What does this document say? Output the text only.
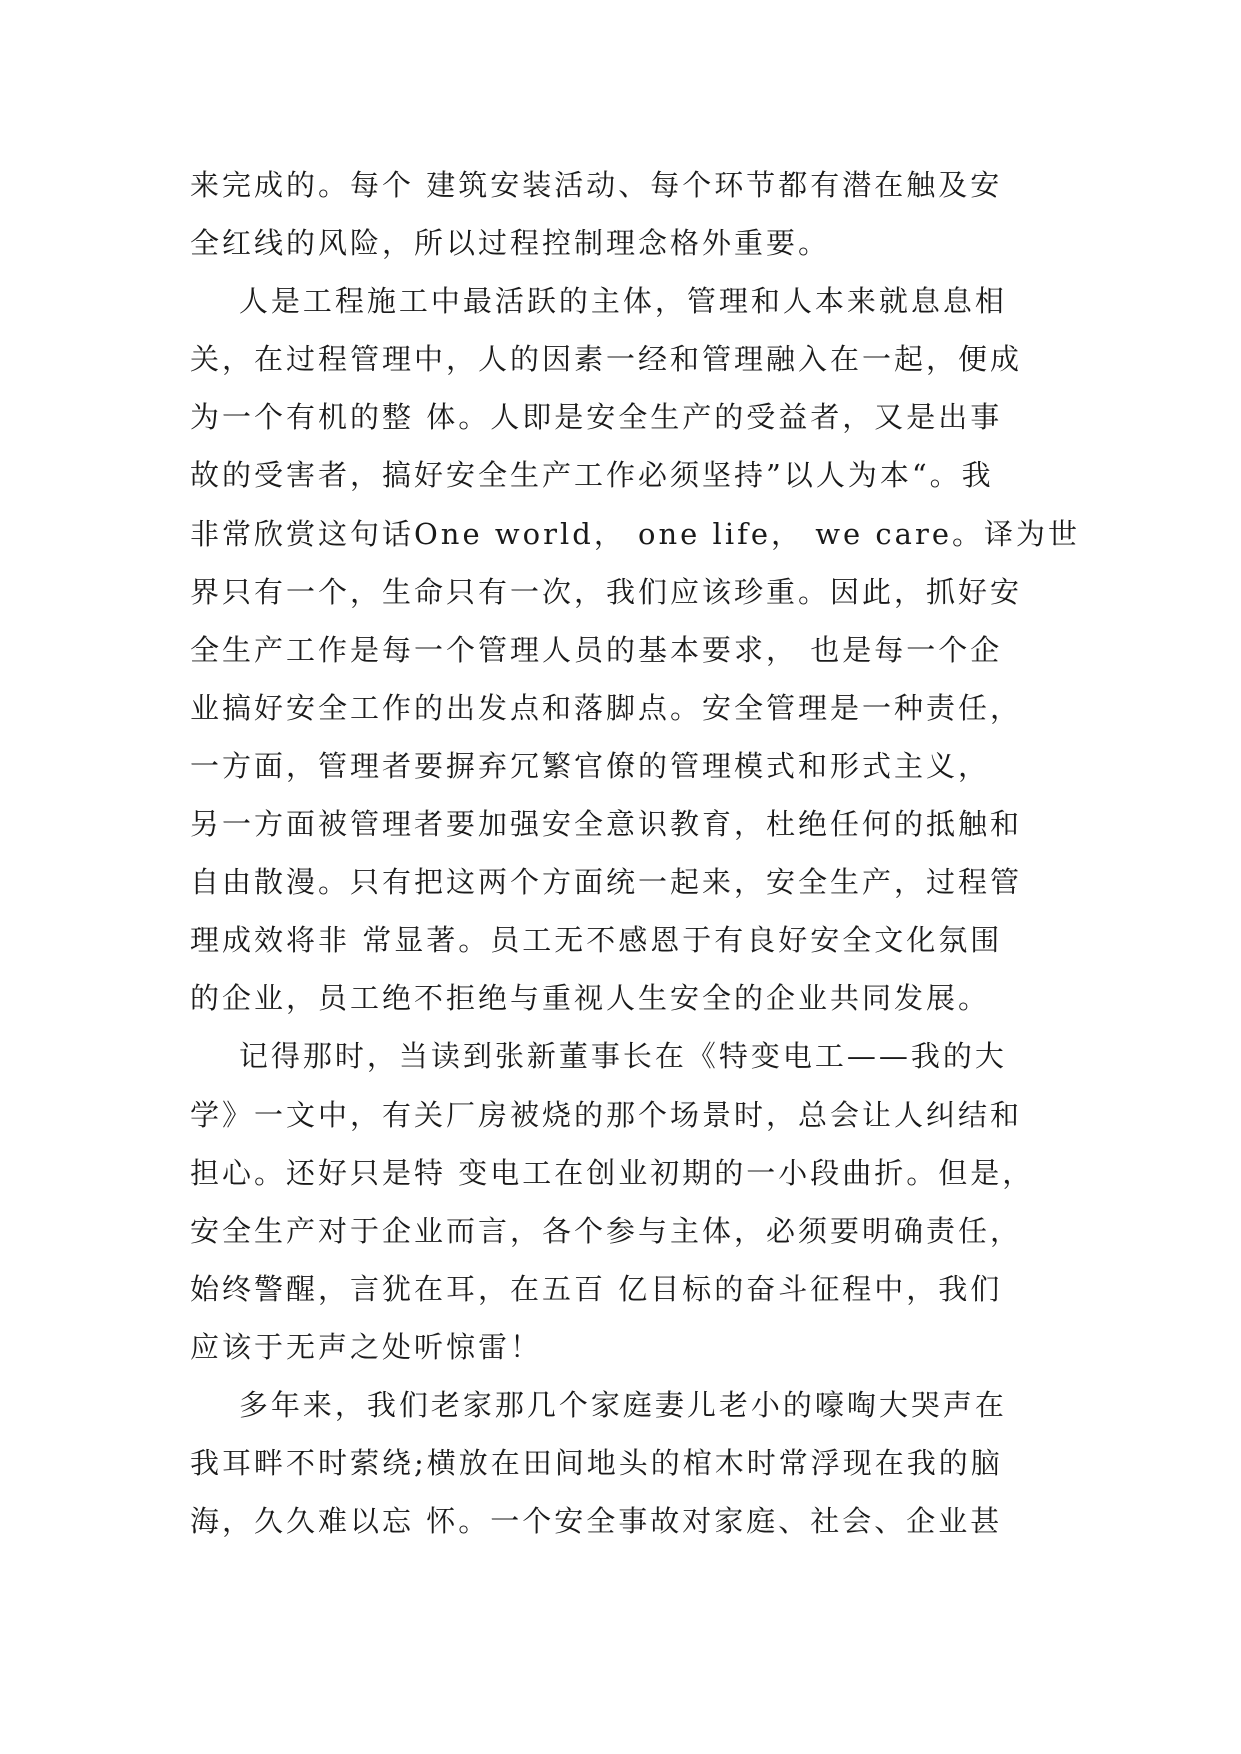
来完成的。每个 建筑安装活动、每个环节都有潜在触及安
全红线的风险，所以过程控制理念格外重要。
人是工程施工中最活跃的主体，管理和人本来就息息相
关，在过程管理中，人的因素一经和管理融入在一起，便成
为一个有机的整 体。人即是安全生产的受益者，又是出事
故的受害者，搞好安全生产工作必须坚持”以人为本“。我
非常欣赏这句话One world， one life， we care。译为世
界只有一个，生命只有一次，我们应该珍重。因此，抓好安
全生产工作是每一个管理人员的基本要求， 也是每一个企
业搞好安全工作的出发点和落脚点。安全管理是一种责任，
一方面，管理者要摒弃冗繁官僚的管理模式和形式主义，
另一方面被管理者要加强安全意识教育，杜绝任何的抵触和
自由散漫。只有把这两个方面统一起来，安全生产，过程管
理成效将非 常显著。员工无不感恩于有良好安全文化氛围
的企业，员工绝不拒绝与重视人生安全的企业共同发展。
记得那时，当读到张新董事长在《特变电工——我的大
学》一文中，有关厂房被烧的那个场景时，总会让人纠结和
担心。还好只是特 变电工在创业初期的一小段曲折。但是，
安全生产对于企业而言，各个参与主体，必须要明确责任，
始终警醒，言犹在耳，在五百 亿目标的奋斗征程中，我们
应该于无声之处听惊雷！
多年来，我们老家那几个家庭妻儿老小的嚎啕大哭声在
我耳畔不时萦绕;横放在田间地头的棺木时常浮现在我的脑
海，久久难以忘 怀。一个安全事故对家庭、社会、企业甚
